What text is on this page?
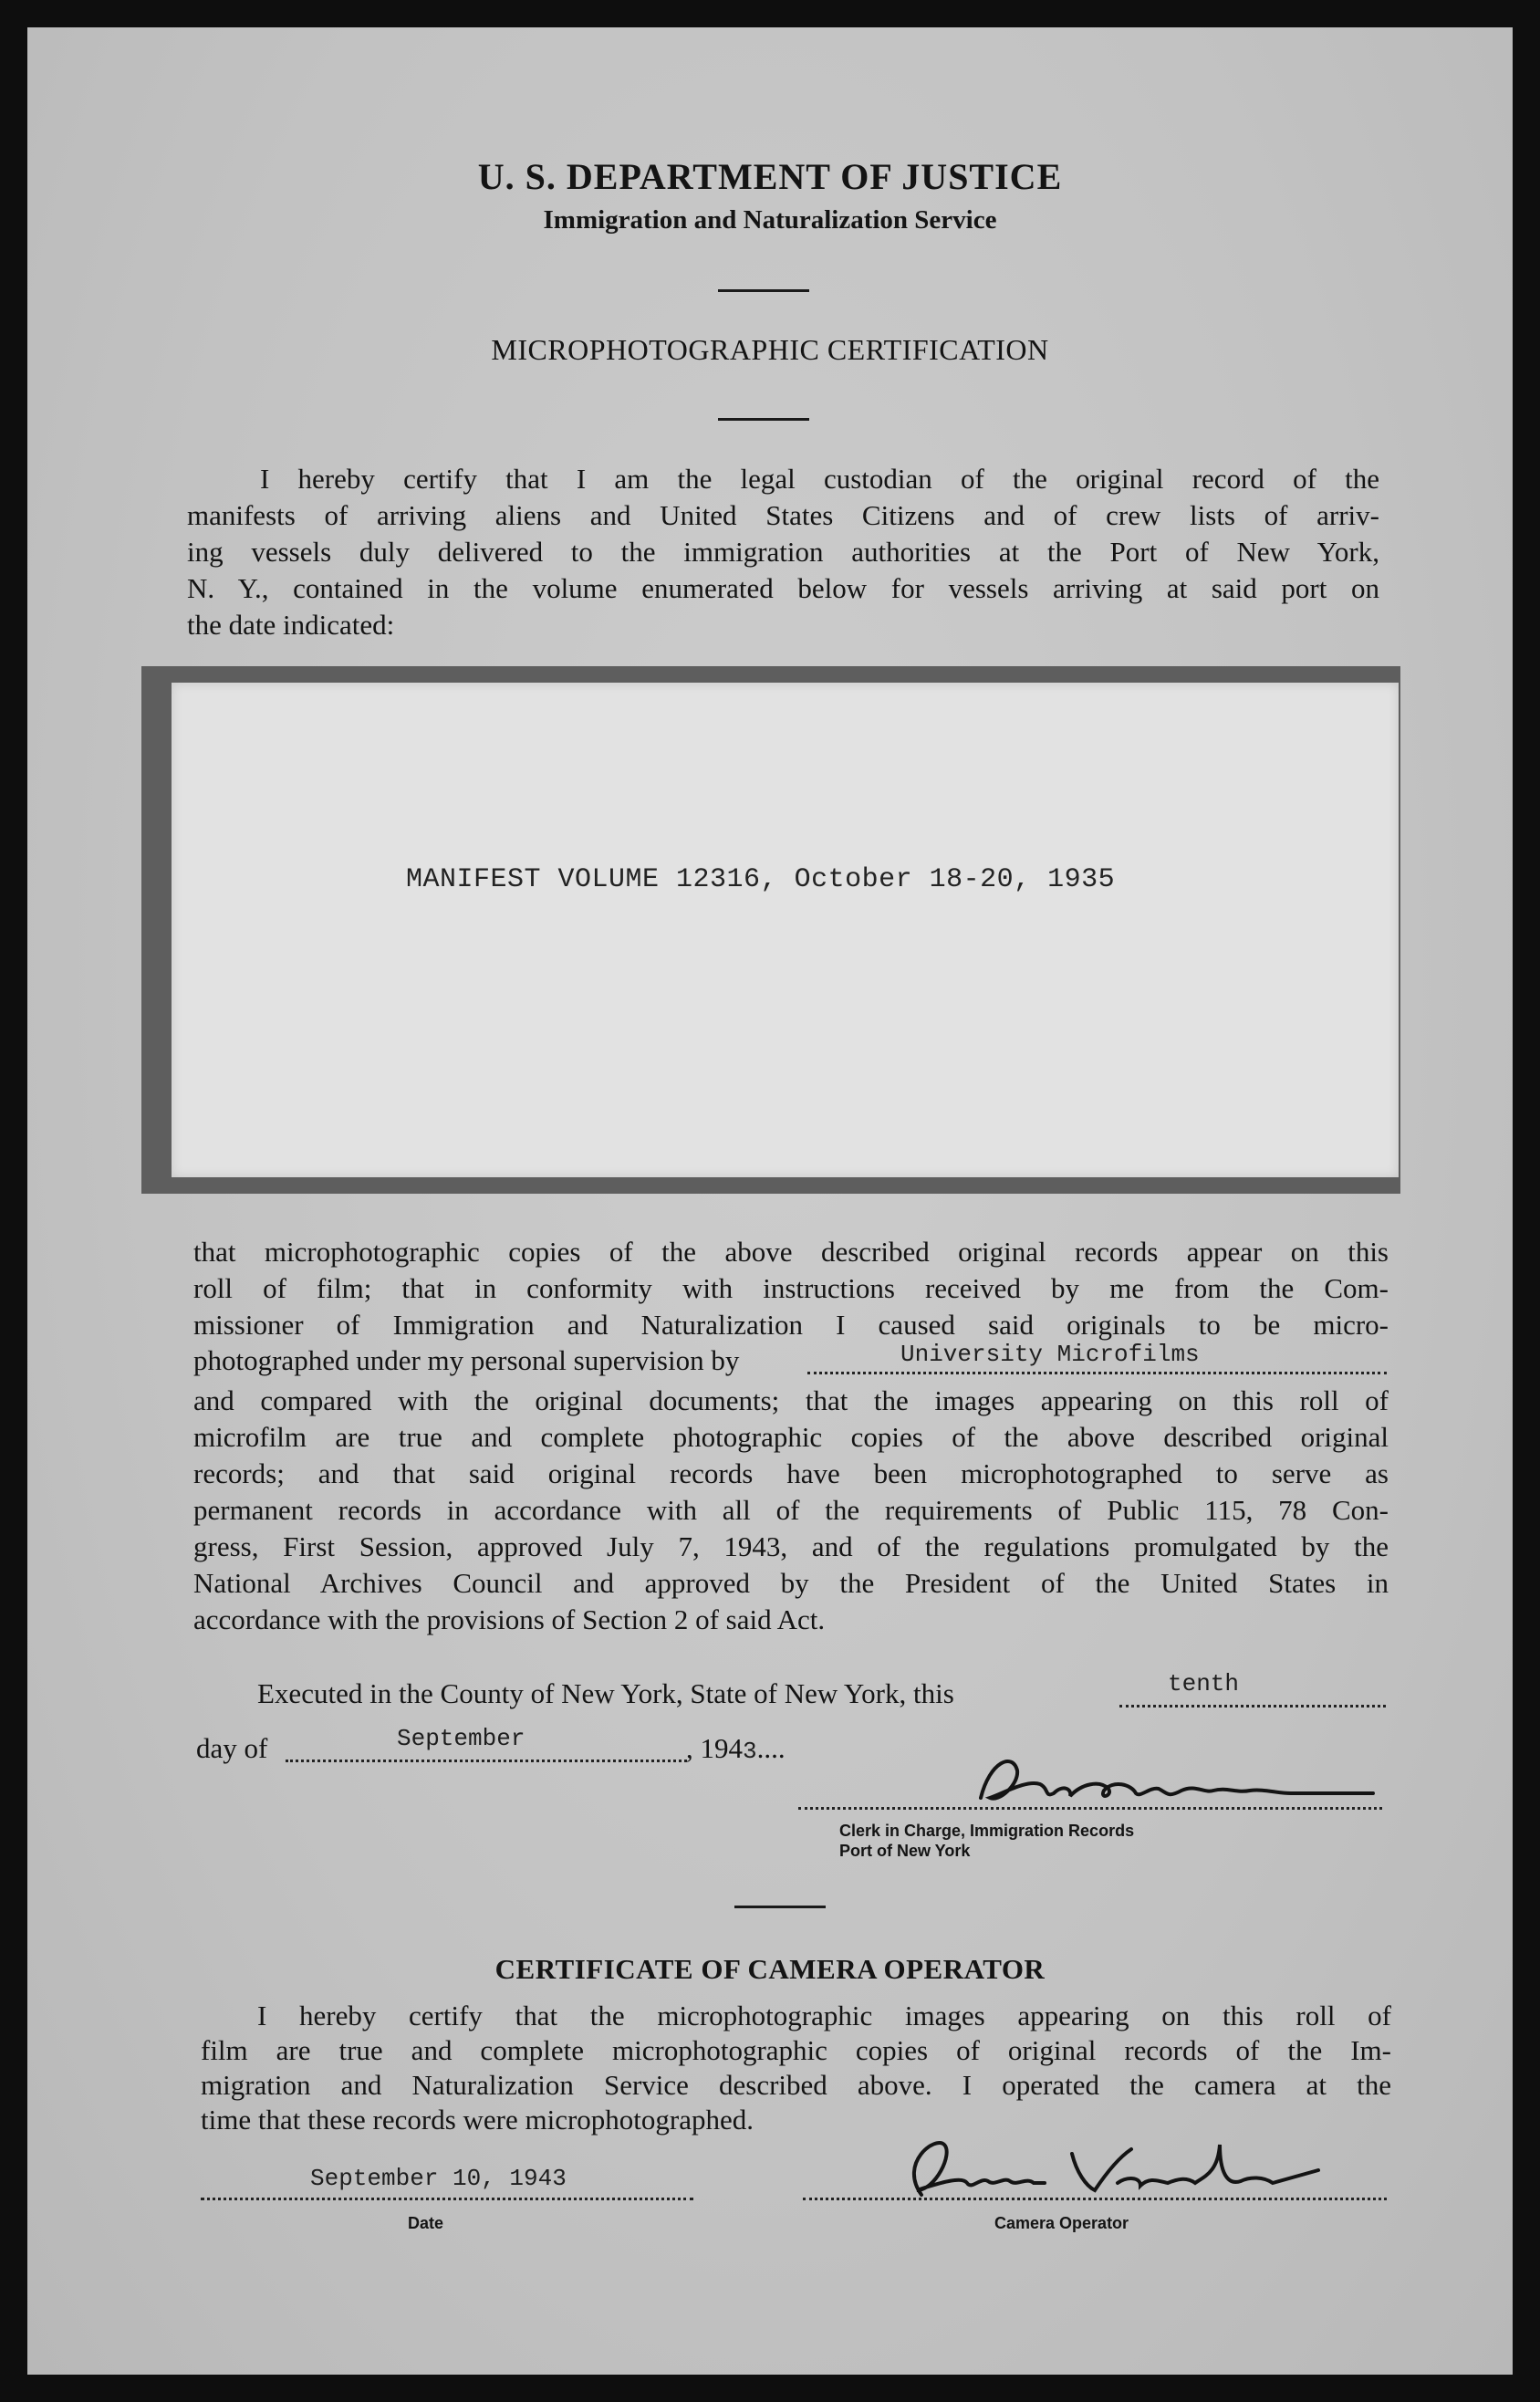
U. S. DEPARTMENT OF JUSTICE
Immigration and Naturalization Service
MICROPHOTOGRAPHIC CERTIFICATION
I hereby certify that I am the legal custodian of the original record of the
manifests of arriving aliens and United States Citizens and of crew lists of arriv-
ing vessels duly delivered to the immigration authorities at the Port of New York,
N. Y., contained in the volume enumerated below for vessels arriving at said port on
the date indicated:
MANIFEST VOLUME 12316, October 18-20, 1935
that microphotographic copies of the above described original records appear on this
roll of film; that in conformity with instructions received by me from the Com-
missioner of Immigration and Naturalization I caused said originals to be micro-
photographed under my personal supervision by	University Microfilms
and compared with the original documents; that the images appearing on this roll of
microfilm are true and complete photographic copies of the above described original
records; and that said original records have been microphotographed to serve as
permanent records in accordance with all of the requirements of Public 115, 78 Con-
gress, First Session, approved July 7, 1943, and of the regulations promulgated by the
National Archives Council and approved by the President of the United States in
accordance with the provisions of Section 2 of said Act.
Executed in the County of New York, State of New York, this	tenth
day of	September	, 1943....
Clerk in Charge, Immigration Records
Port of New York
CERTIFICATE OF CAMERA OPERATOR
I hereby certify that the microphotographic images appearing on this roll of
film are true and complete microphotographic copies of original records of the Im-
migration and Naturalization Service described above. I operated the camera at the
time that these records were microphotographed.
September 10, 1943
Date	Camera Operator
